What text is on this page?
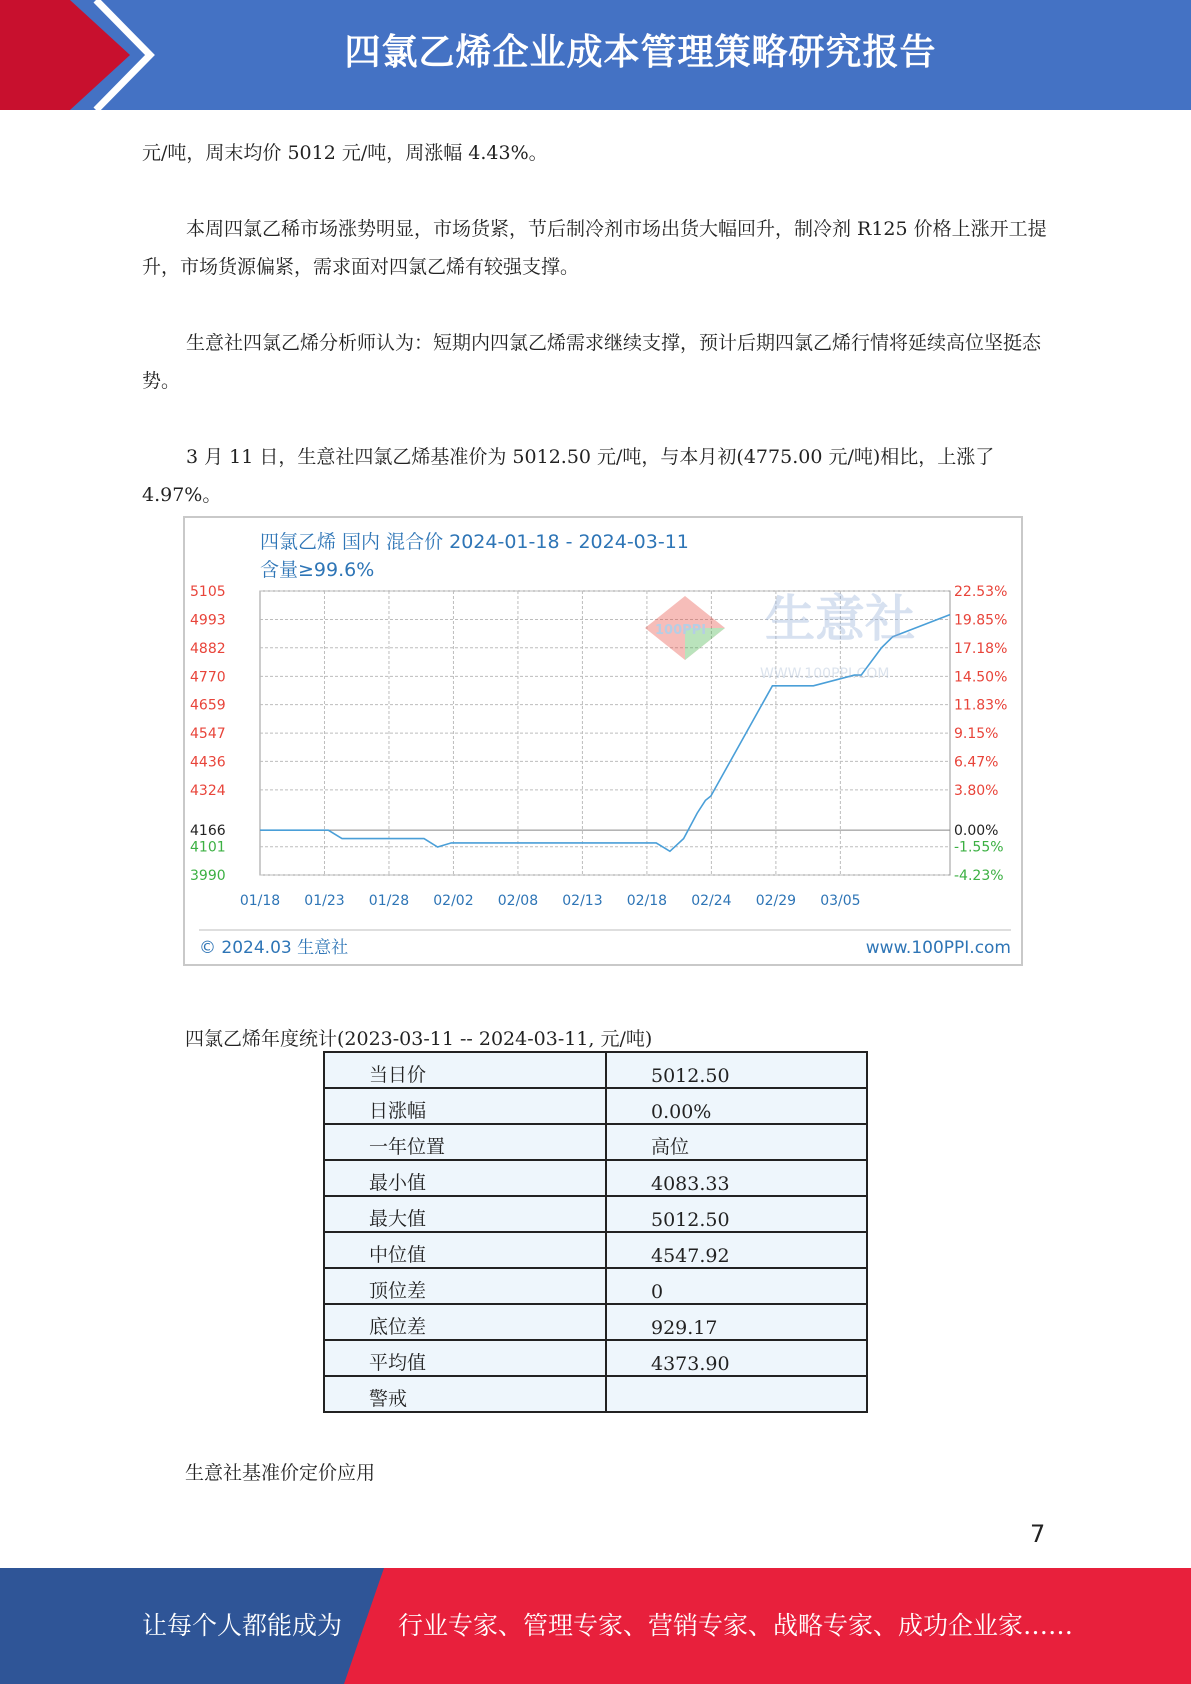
四氯乙烯企业成本管理策略研究报告
元/吨，周末均价 5012 元/吨，周涨幅 4.43%。
本周四氯乙稀市场涨势明显，市场货紧，节后制冷剂市场出货大幅回升，制冷剂 R125 价格上涨开工提升，市场货源偏紧，需求面对四氯乙烯有较强支撑。
生意社四氯乙烯分析师认为：短期内四氯乙烯需求继续支撑，预计后期四氯乙烯行情将延续高位坚挺态势。
3 月 11 日，生意社四氯乙烯基准价为 5012.50 元/吨，与本月初(4775.00 元/吨)相比，上涨了 4.97%。
四氯乙烯 国内 混合价 2024-01-18 - 2024-03-11
含量≥99.6%
5105	22.53%
4993	19.85%
4882	17.18%
4770	14.50%
4659	11.83%
4547	9.15%
4436	6.47%
4324	3.80%
4166	0.00%
4101	-1.55%
3990	-4.23%
01/18 01/23 01/28 02/02 02/08 02/13 02/18 02/24 02/29 03/05
100PPI 生意社
WWW.100PPI.COM
© 2024.03 生意社	www.100PPI.com
四氯乙烯年度统计(2023-03-11 -- 2024-03-11, 元/吨)
当日价	5012.50
日涨幅	0.00%
一年位置	高位
最小值	4083.33
最大值	5012.50
中位值	4547.92
顶位差	0
底位差	929.17
平均值	4373.90
警戒	
生意社基准价定价应用
7
让每个人都能成为 行业专家、管理专家、营销专家、战略专家、成功企业家……
